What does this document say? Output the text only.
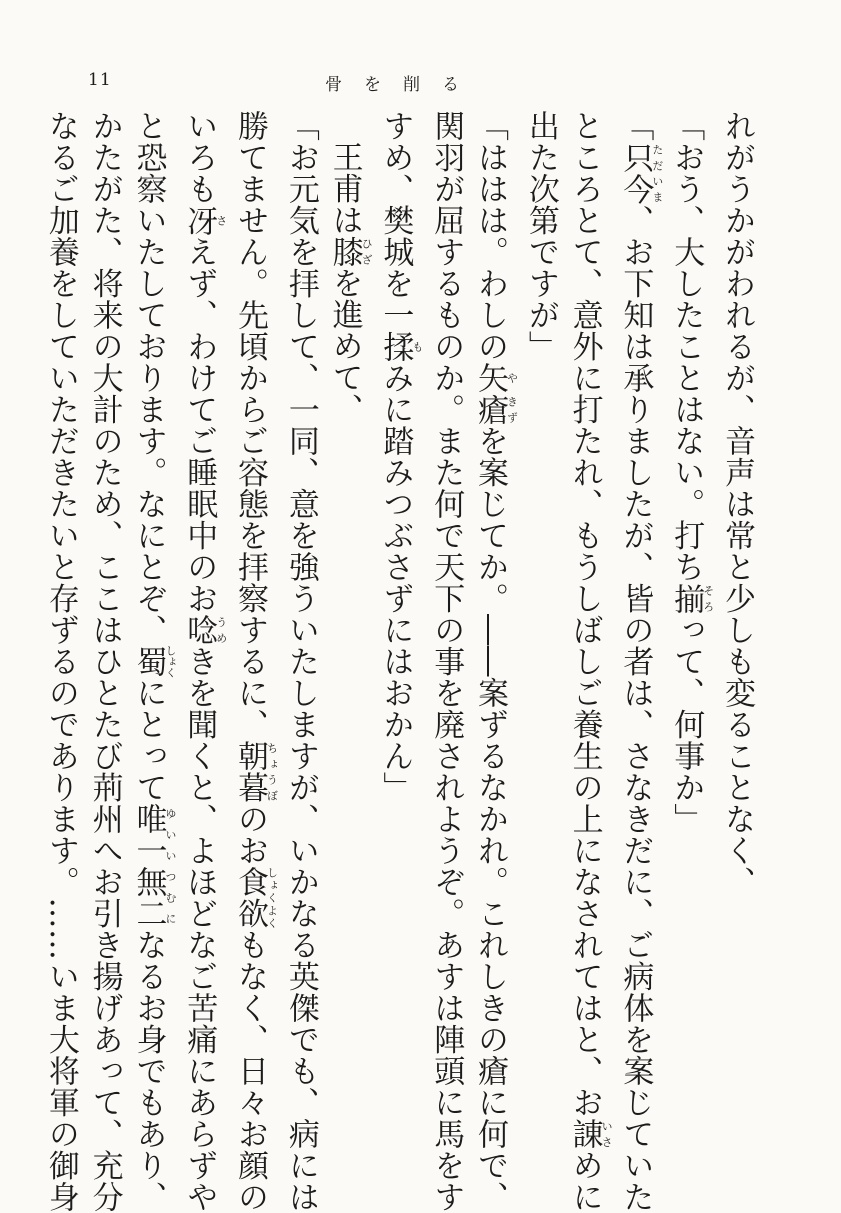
11	骨を削る
れがうかがわれるが、音声は常と少しも変ることなく、
「おう、大したことはない。打ち揃そろって、何事か」
「只今ただいま、お下知は承りましたが、皆の者は、さなきだに、ご病体を案じていた
ところとて、意外に打たれ、もうしばしご養生の上になされてはと、お諌いさめに
出た次第ですが」
「ははは。わしの矢や瘡きずを案じてか。――案ずるなかれ。これしきの瘡に何で、
関羽が屈するものか。また何で天下の事を廃されようぞ。あすは陣頭に馬をす
すめ、樊城を一揉もみに踏みつぶさずにはおかん」
王甫は膝ひざを進めて、
「お元気を拝して、一同、意を強ういたしますが、いかなる英傑でも、病には
勝てません。先頃からご容態を拝察するに、朝暮ちょうぼのお食欲しょくよくもなく、日々お顔の
いろも冴さえず、わけてご睡眠中のお唸うめきを聞くと、よほどなご苦痛にあらずや
と恐察いたしております。なにとぞ、蜀しょくにとって唯一無二ゆいいつむになるお身でもあり、
かたがた、将来の大計のため、ここはひとたび荊州へお引き揚げあって、充分
なるご加養をしていただきたいと存ずるのであります。……いま大将軍の御身
